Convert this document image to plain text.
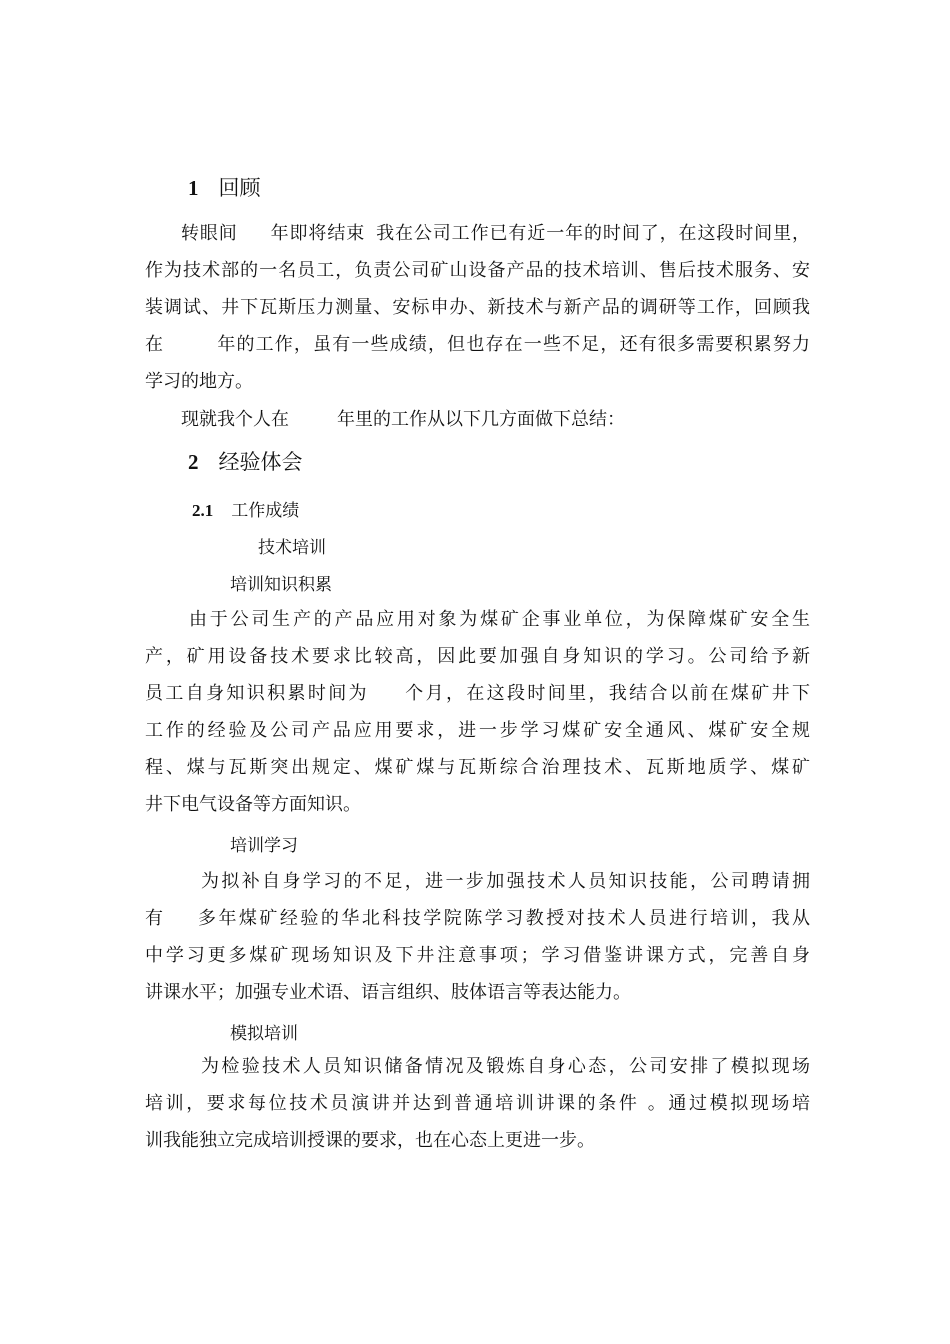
1 回顾
转眼间 年即将结束 我在公司工作已有近一年的时间了，在这段时间里，
作为技术部的一名员工，负责公司矿山设备产品的技术培训、售后技术服务、安
装调试、井下瓦斯压力测量、安标申办、新技术与新产品的调研等工作，回顾我
在	年的工作，虽有一些成绩，但也存在一些不足，还有很多需要积累努力
学习的地方。
现就我个人在	年里的工作从以下几方面做下总结：
2 经验体会
2.1 工作成绩
技术培训
培训知识积累
由于公司生产的产品应用对象为煤矿企事业单位，为保障煤矿安全生
产，矿用设备技术要求比较高，因此要加强自身知识的学习。公司给予新
员工自身知识积累时间为 个月，在这段时间里，我结合以前在煤矿井下
工作的经验及公司产品应用要求，进一步学习煤矿安全通风、煤矿安全规
程、煤与瓦斯突出规定、煤矿煤与瓦斯综合治理技术、瓦斯地质学、煤矿
井下电气设备等方面知识。
培训学习
为拟补自身学习的不足，进一步加强技术人员知识技能，公司聘请拥
有 多年煤矿经验的华北科技学院陈学习教授对技术人员进行培训，我从
中学习更多煤矿现场知识及下井注意事项；学习借鉴讲课方式，完善自身
讲课水平；加强专业术语、语言组织、肢体语言等表达能力。
模拟培训
为检验技术人员知识储备情况及锻炼自身心态，公司安排了模拟现场
培训，要求每位技术员演讲并达到普通培训讲课的条件 。通过模拟现场培
训我能独立完成培训授课的要求，也在心态上更进一步。
